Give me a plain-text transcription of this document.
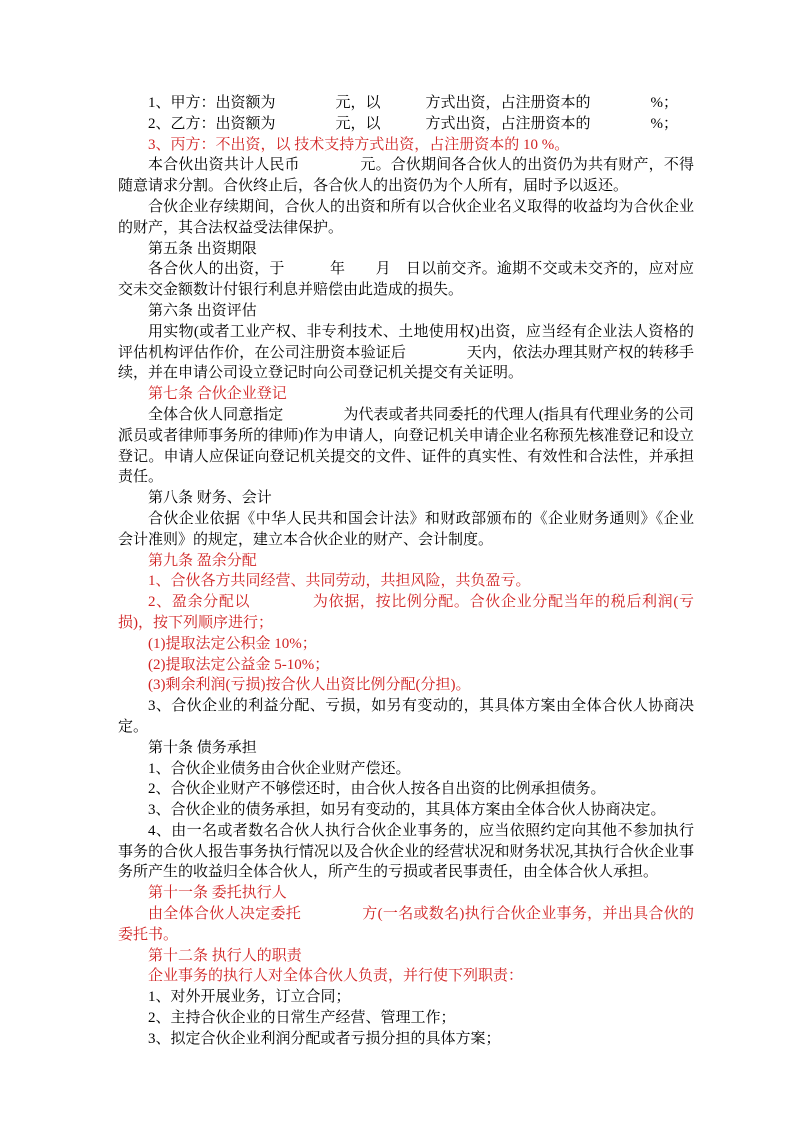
1、甲方：出资额为　　　　元，以　　　方式出资，占注册资本的　　　　%；

2、乙方：出资额为　　　　元，以　　　方式出资，占注册资本的　　　　%；

3、丙方：不出资，以 技术支持方式出资，占注册资本的 10 %。

本合伙出资共计人民币　　　　元。合伙期间各合伙人的出资仍为共有财产，不得随意请求分割。合伙终止后，各合伙人的出资仍为个人所有，届时予以返还。

合伙企业存续期间，合伙人的出资和所有以合伙企业名义取得的收益均为合伙企业的财产，其合法权益受法律保护。

第五条 出资期限

各合伙人的出资，于　　　年　　月　日以前交齐。逾期不交或未交齐的，应对应交未交金额数计付银行利息并赔偿由此造成的损失。

第六条 出资评估

用实物(或者工业产权、非专利技术、土地使用权)出资，应当经有企业法人资格的评估机构评估作价，在公司注册资本验证后　　　　天内，依法办理其财产权的转移手续，并在申请公司设立登记时向公司登记机关提交有关证明。

第七条 合伙企业登记

全体合伙人同意指定　　　　为代表或者共同委托的代理人(指具有代理业务的公司派员或者律师事务所的律师)作为申请人，向登记机关申请企业名称预先核准登记和设立登记。申请人应保证向登记机关提交的文件、证件的真实性、有效性和合法性，并承担责任。

第八条 财务、会计

合伙企业依据《中华人民共和国会计法》和财政部颁布的《企业财务通则》《企业会计准则》的规定，建立本合伙企业的财产、会计制度。

第九条 盈余分配

1、合伙各方共同经营、共同劳动，共担风险，共负盈亏。

2、盈余分配以　　　　为依据，按比例分配。合伙企业分配当年的税后利润(亏损)，按下列顺序进行；

(1)提取法定公积金 10%；

(2)提取法定公益金 5-10%；

(3)剩余利润(亏损)按合伙人出资比例分配(分担)。

3、合伙企业的利益分配、亏损，如另有变动的，其具体方案由全体合伙人协商决定。

第十条 债务承担

1、合伙企业债务由合伙企业财产偿还。

2、合伙企业财产不够偿还时，由合伙人按各自出资的比例承担债务。

3、合伙企业的债务承担，如另有变动的，其具体方案由全体合伙人协商决定。

4、由一名或者数名合伙人执行合伙企业事务的，应当依照约定向其他不参加执行事务的合伙人报告事务执行情况以及合伙企业的经营状况和财务状况,其执行合伙企业事务所产生的收益归全体合伙人，所产生的亏损或者民事责任，由全体合伙人承担。

第十一条 委托执行人

由全体合伙人决定委托　　　　方(一名或数名)执行合伙企业事务，并出具合伙的委托书。

第十二条 执行人的职责

企业事务的执行人对全体合伙人负责，并行使下列职责：

1、对外开展业务，订立合同；

2、主持合伙企业的日常生产经营、管理工作；

3、拟定合伙企业利润分配或者亏损分担的具体方案；
